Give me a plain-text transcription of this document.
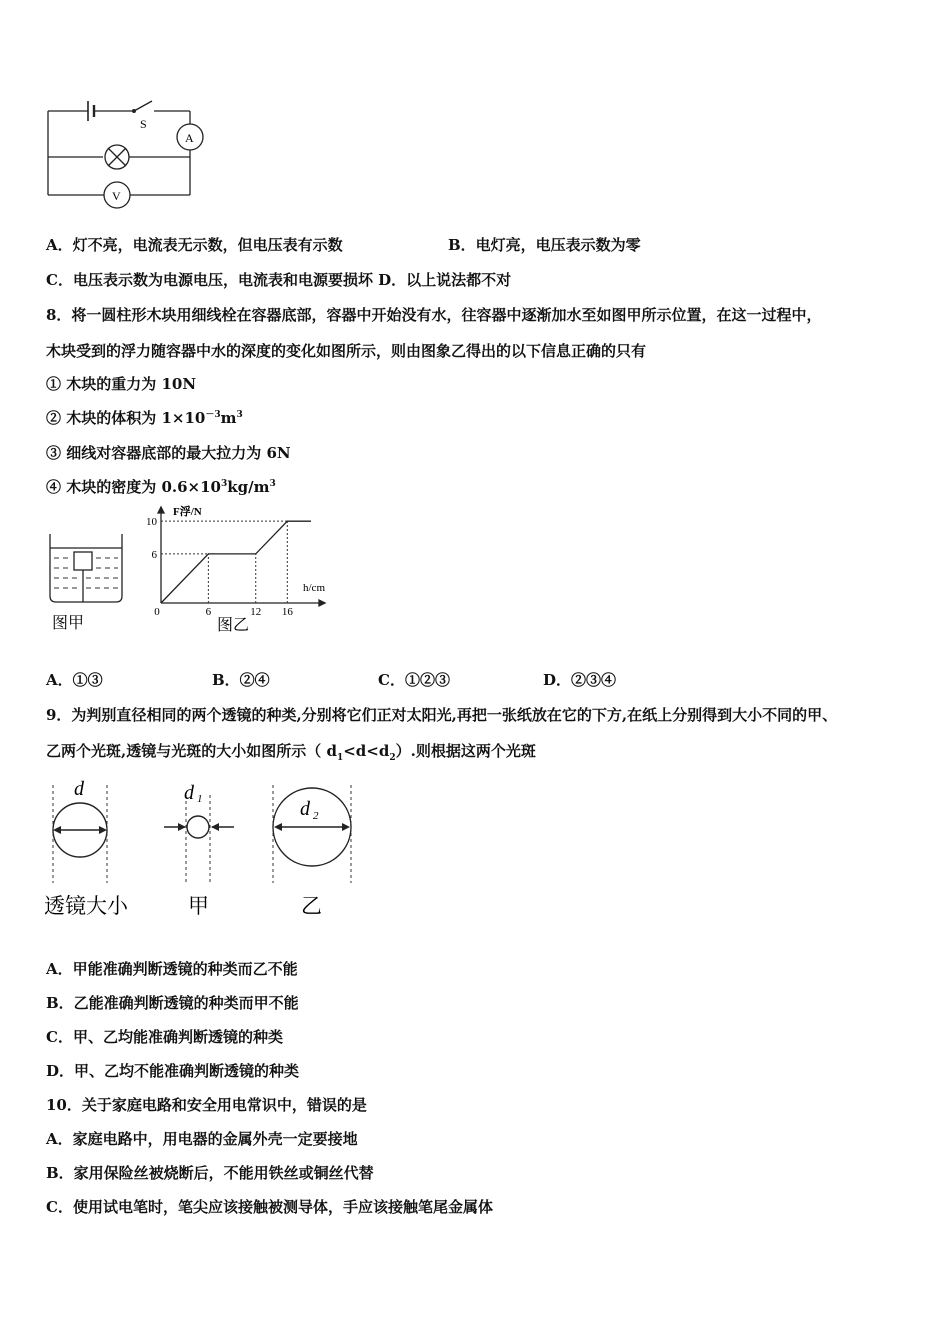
S
A
V
A．灯不亮，电流表无示数，但电压表有示数	B．电灯亮，电压表示数为零
C．电压表示数为电源电压，电流表和电源要损坏 D．以上说法都不对
8．将一圆柱形木块用细线栓在容器底部，容器中开始没有水，往容器中逐渐加水至如图甲所示位置，在这一过程中，
木块受到的浮力随容器中水的深度的变化如图所示，则由图象乙得出的以下信息正确的只有
① 木块的重力为 10N
② 木块的体积为 $1\times 10^{-3}m^3$
③ 细线对容器底部的最大拉力为 6N
④ 木块的密度为 $0.6\times 10^3kg/m^3$
图甲
6
10
0	6	12 16
F浮/N
h/cm
图乙
A．①③	B．②④	C．①②③	D．②③④
9．为判别直径相同的两个透镜的种类,分别将它们正对太阳光,再把一张纸放在它的下方,在纸上分别得到大小不同的甲、
乙两个光斑,透镜与光斑的大小如图所示（ $d_1<d<d_2$）.则根据这两个光斑
d	d 1	d 2
透镜大小	甲	乙
A．甲能准确判断透镜的种类而乙不能
B．乙能准确判断透镜的种类而甲不能
C．甲、乙均能准确判断透镜的种类
D．甲、乙均不能准确判断透镜的种类
10．关于家庭电路和安全用电常识中，错误的是
A．家庭电路中，用电器的金属外壳一定要接地
B．家用保险丝被烧断后，不能用铁丝或铜丝代替
C．使用试电笔时，笔尖应该接触被测导体，手应该接触笔尾金属体
